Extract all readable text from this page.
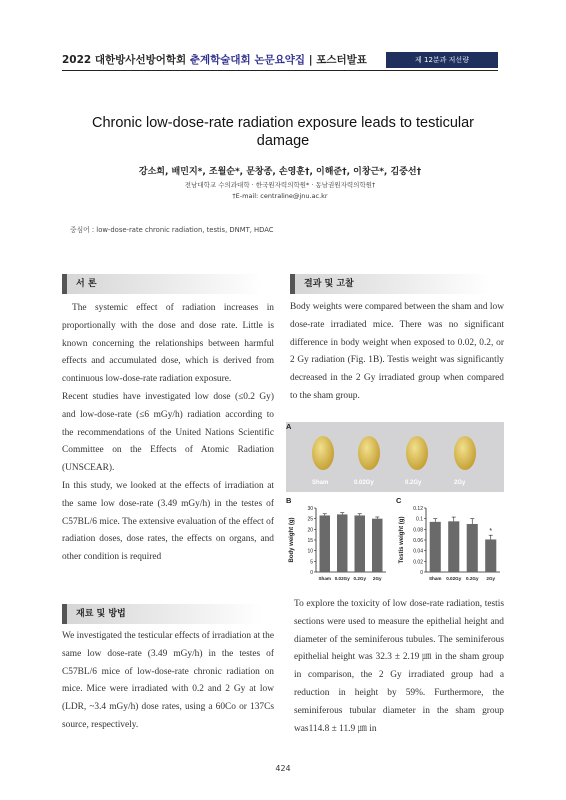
2022 대한방사선방어학회 춘계학술대회 논문요약집 | 포스터발표	제 12분과 저선량
Chronic low-dose-rate radiation exposure leads to testicular damage
강소희, 배민지*, 조월순*, 문창종, 손영훈†, 이해준†, 이창근*, 김중선†
전남대학교 수의과대학 · 한국원자력의학원* · 동남권원자력의학원†
†E-mail: centraline@jnu.ac.kr
중심어 : low-dose-rate chronic radiation, testis, DNMT, HDAC
서 론

The systemic effect of radiation increases in proportionally with the dose and dose rate. Little is known concerning the relationships between harmful effects and accumulated dose, which is derived from continuous low-dose-rate radiation exposure.

Recent studies have investigated low dose (≤0.2 Gy) and low-dose-rate (≤6 mGy/h) radiation according to the recommendations of the United Nations Scientific Committee on the Effects of Atomic Radiation (UNSCEAR).

In this study, we looked at the effects of irradiation at the same low dose-rate (3.49 mGy/h) in the testes of C57BL/6 mice. The extensive evaluation of the effect of radiation doses, dose rates, the effects on organs, and other condition is required

재료 및 방법

We investigated the testicular effects of irradiation at the same low dose-rate (3.49 mGy/h) in the testes of C57BL/6 mice of low-dose-rate chronic radiation on mice. Mice were irradiated with 0.2 and 2 Gy at low (LDR, ~3.4 mGy/h) dose rates, using a 60Co or 137Cs source, respectively.

결과 및 고찰

Body weights were compared between the sham and low dose-rate irradiated mice. There was no significant difference in body weight when exposed to 0.02, 0.2, or 2 Gy radiation (Fig. 1B). Testis weight was significantly decreased in the 2 Gy irradiated group when compared to the sham group.

A
Sham	0.02Gy	0.2Gy	2Gy
B	C
Body weight (g)
0
5
10
15
20
25
30
Sham 0.02Gy 0.2Gy 2Gy
Testis weight (g)
0
0.02
0.04
0.06
0.08
0.1
0.12
Sham 0.02Gy 0.2Gy
*
2Gy

To explore the toxicity of low dose-rate radiation, testis sections were used to measure the epithelial height and diameter of the seminiferous tubules. The seminiferous epithelial height was 32.3 ± 2.19 ㎛ in the sham group in comparison, the 2 Gy irradiated group had a reduction in height by 59%. Furthermore, the seminiferous tubular diameter in the sham group was114.8 ± 11.9 ㎛ in

424
